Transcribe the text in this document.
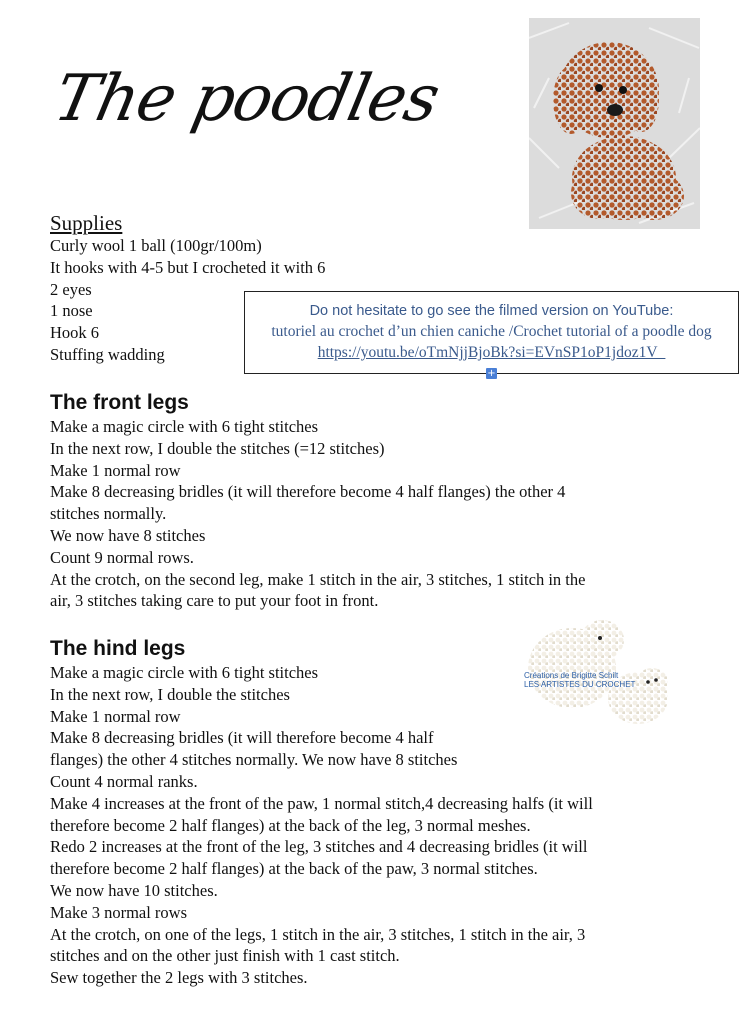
The poodles
Supplies
Curly wool 1 ball (100gr/100m)
It hooks with 4-5 but I crocheted it with 6
2 eyes
1 nose
Hook 6
Stuffing wadding
Do not hesitate to go see the filmed version on YouTube:
tutoriel au crochet d’un chien caniche /Crochet tutorial of a poodle dog
https://youtu.be/oTmNjjBjoBk?si=EVnSP1oP1jdoz1V_
+
The front legs
Make a magic circle with 6 tight stitches
In the next row, I double the stitches (=12 stitches)
Make 1 normal row
Make 8 decreasing bridles (it will therefore become 4 half flanges) the other 4
stitches normally.
We now have 8 stitches
Count 9 normal rows.
At the crotch, on the second leg, make 1 stitch in the air, 3 stitches, 1 stitch in the
air, 3 stitches taking care to put your foot in front.
The hind legs
Make a magic circle with 6 tight stitches
In the next row, I double the stitches
Make 1 normal row
Make 8 decreasing bridles (it will therefore become 4 half
flanges) the other 4 stitches normally. We now have 8 stitches
Count 4 normal ranks.
Make 4 increases at the front of the paw, 1 normal stitch,4 decreasing halfs (it will
therefore become 2 half flanges) at the back of the leg, 3 normal meshes.
Redo 2 increases at the front of the leg, 3 stitches and 4 decreasing bridles (it will
therefore become 2 half flanges) at the back of the paw, 3 normal stitches.
We now have 10 stitches.
Make 3 normal rows
At the crotch, on one of the legs, 1 stitch in the air, 3 stitches, 1 stitch in the air, 3
stitches and on the other just finish with 1 cast stitch.
Sew together the 2 legs with 3 stitches.
Créations de Brigitte Schilt
LES ARTISTES DU CROCHET
